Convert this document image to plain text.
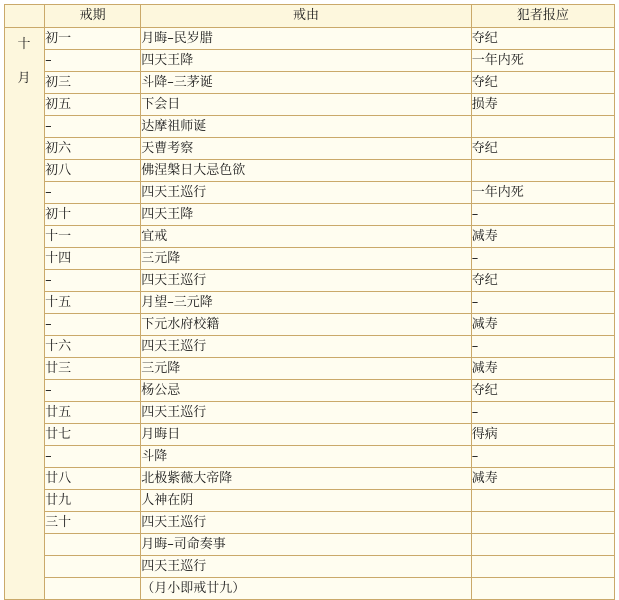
	戒期	戒由	犯者报应

十
月	初一	月晦–民岁腊	夺纪
	–	四天王降	一年内死
	初三	斗降–三茅诞	夺纪
	初五	下会日	损寿
	–	达摩祖师诞	
	初六	天曹考察	夺纪
	初八	佛涅槃日大忌色欲	
	–	四天王巡行	一年内死
	初十	四天王降	–
	十一	宜戒	减寿
	十四	三元降	–
	–	四天王巡行	夺纪
	十五	月望–三元降	–
	–	下元水府校籍	减寿
	十六	四天王巡行	–
	廿三	三元降	减寿
	–	杨公忌	夺纪
	廿五	四天王巡行	–
	廿七	月晦日	得病
	–	斗降	–
	廿八	北极紫薇大帝降	减寿
	廿九	人神在阴	
	三十	四天王巡行	
		月晦–司命奏事	
		四天王巡行	
		（月小即戒廿九）	
